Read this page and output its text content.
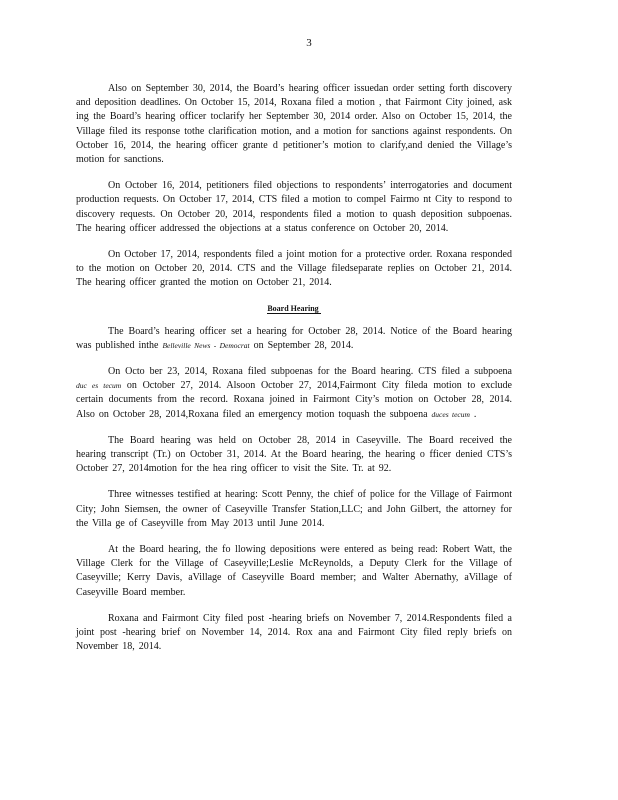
3

Also on September 30, 2014, the Board’s hearing officer issuedan order setting forth discovery and deposition deadlines. On October 15, 2014, Roxana filed a motion , that Fairmont City joined, ask ing the Board’s hearing officer toclarify her September 30, 2014 order. Also on October 15, 2014, the Village filed its response tothe clarification motion, and a motion for sanctions against respondents. On October 16, 2014, the hearing officer grante d petitioner’s motion to clarify,and denied the Village’s motion for sanctions.

On October 16, 2014, petitioners filed objections to respondents’ interrogatories and document production requests. On October 17, 2014, CTS filed a motion to compel Fairmo nt City to respond to discovery requests. On October 20, 2014, respondents filed a motion to quash deposition subpoenas. The hearing officer addressed the objections at a status conference on October 20, 2014.

On October 17, 2014, respondents filed a joint motion for a protective order. Roxana responded to the motion on October 20, 2014. CTS and the Village filedseparate replies on October 21, 2014. The hearing officer granted the motion on October 21, 2014.

Board Hearing

The Board’s hearing officer set a hearing for October 28, 2014. Notice of the Board hearing was published inthe Belleville News - Democrat on September 28, 2014.

On Octo ber 23, 2014, Roxana filed subpoenas for the Board hearing. CTS filed a subpoena duc es tecum on October 27, 2014. Alsoon October 27, 2014,Fairmont City fileda motion to exclude certain documents from the record. Roxana joined in Fairmont City’s motion on October 28, 2014. Also on October 28, 2014,Roxana filed an emergency motion toquash the subpoena duces tecum .

The Board hearing was held on October 28, 2014 in Caseyville. The Board received the hearing transcript (Tr.) on October 31, 2014. At the Board hearing, the hearing o fficer denied CTS’s October 27, 2014motion for the hea ring officer to visit the Site. Tr. at 92.

Three witnesses testified at hearing: Scott Penny, the chief of police for the Village of Fairmont City; John Siemsen, the owner of Caseyville Transfer Station,LLC; and John Gilbert, the attorney for the Villa ge of Caseyville from May 2013 until June 2014.

At the Board hearing, the fo llowing depositions were entered as being read: Robert Watt, the Village Clerk for the Village of Caseyville;Leslie McReynolds, a Deputy Clerk for the Village of Caseyville; Kerry Davis, aVillage of Caseyville Board member; and Walter Abernathy, aVillage of Caseyville Board member.

Roxana and Fairmont City filed post -hearing briefs on November 7, 2014.Respondents filed a joint post -hearing brief on November 14, 2014. Rox ana and Fairmont City filed reply briefs on November 18, 2014.
